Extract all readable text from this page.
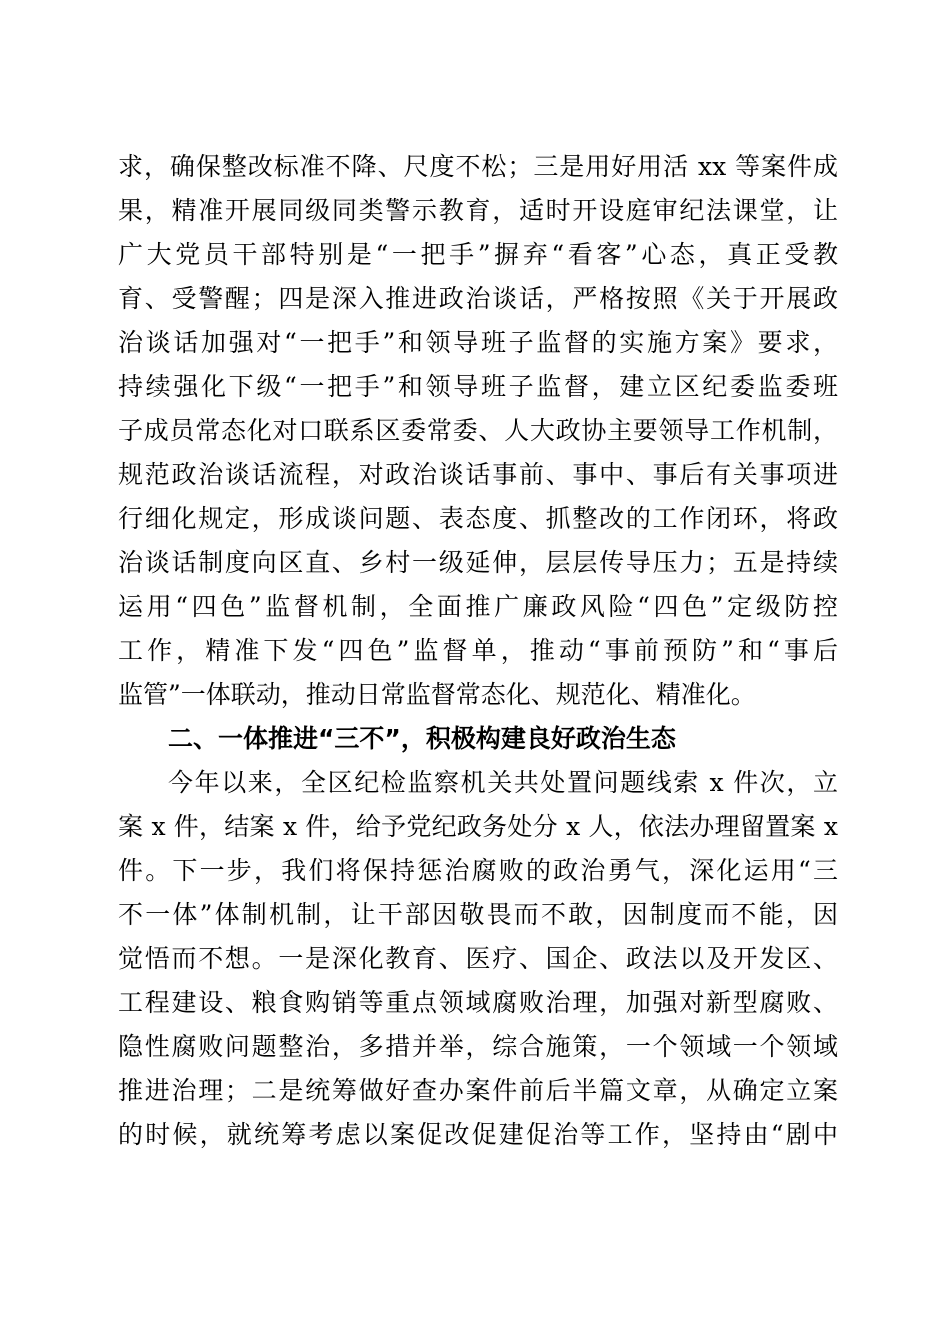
求，确保整改标准不降、尺度不松；三是用好用活 xx 等案件成
果，精准开展同级同类警示教育，适时开设庭审纪法课堂，让
广大党员干部特别是“一把手”摒弃“看客”心态，真正受教
育、受警醒；四是深入推进政治谈话，严格按照《关于开展政
治谈话加强对“一把手”和领导班子监督的实施方案》要求，
持续强化下级“一把手”和领导班子监督，建立区纪委监委班
子成员常态化对口联系区委常委、人大政协主要领导工作机制，
规范政治谈话流程，对政治谈话事前、事中、事后有关事项进
行细化规定，形成谈问题、表态度、抓整改的工作闭环，将政
治谈话制度向区直、乡村一级延伸，层层传导压力；五是持续
运用“四色”监督机制，全面推广廉政风险“四色”定级防控
工作，精准下发“四色”监督单，推动“事前预防”和“事后
监管”一体联动，推动日常监督常态化、规范化、精准化。
二、一体推进“三不”，积极构建良好政治生态
今年以来，全区纪检监察机关共处置问题线索 x 件次，立
案 x 件，结案 x 件，给予党纪政务处分 x 人，依法办理留置案 x
件。下一步，我们将保持惩治腐败的政治勇气，深化运用“三
不一体”体制机制，让干部因敬畏而不敢，因制度而不能，因
觉悟而不想。一是深化教育、医疗、国企、政法以及开发区、
工程建设、粮食购销等重点领域腐败治理，加强对新型腐败、
隐性腐败问题整治，多措并举，综合施策，一个领域一个领域
推进治理；二是统筹做好查办案件前后半篇文章，从确定立案
的时候，就统筹考虑以案促改促建促治等工作，坚持由“剧中
